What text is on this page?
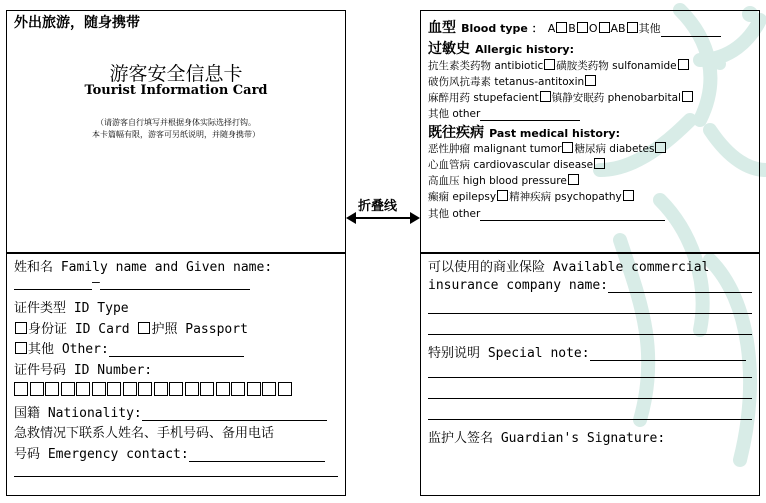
外出旅游，随身携带
游客安全信息卡
Tourist Information Card
（请游客自行填写并根据身体实际选择打钩。
本卡篇幅有限，游客可另纸说明，并随身携带）
折叠线
血型 Blood type ： A B O AB 其他
过敏史 Allergic history:
抗生素类药物 antibiotic 磺胺类药物 sulfonamide
破伤风抗毒素 tetanus-antitoxin
麻醉用药 stupefacient 镇静安眠药 phenobarbital
其他 other
既往疾病 Past medical history:
恶性肿瘤 malignant tumor 糖尿病 diabetes
心血管病 cardiovascular disease
高血压 high blood pressure
癫痫 epilepsy 精神疾病 psychopathy
其他 other
姓和名 Family name and Given name:
—
证件类型 ID Type
身份证 ID Card 护照 Passport
其他 Other:
证件号码 ID Number:
国籍 Nationality:
急救情况下联系人姓名、手机号码、备用电话
号码 Emergency contact:
可以使用的商业保险 Available commercial
insurance company name:
特别说明 Special note:
监护人签名 Guardian's Signature:
